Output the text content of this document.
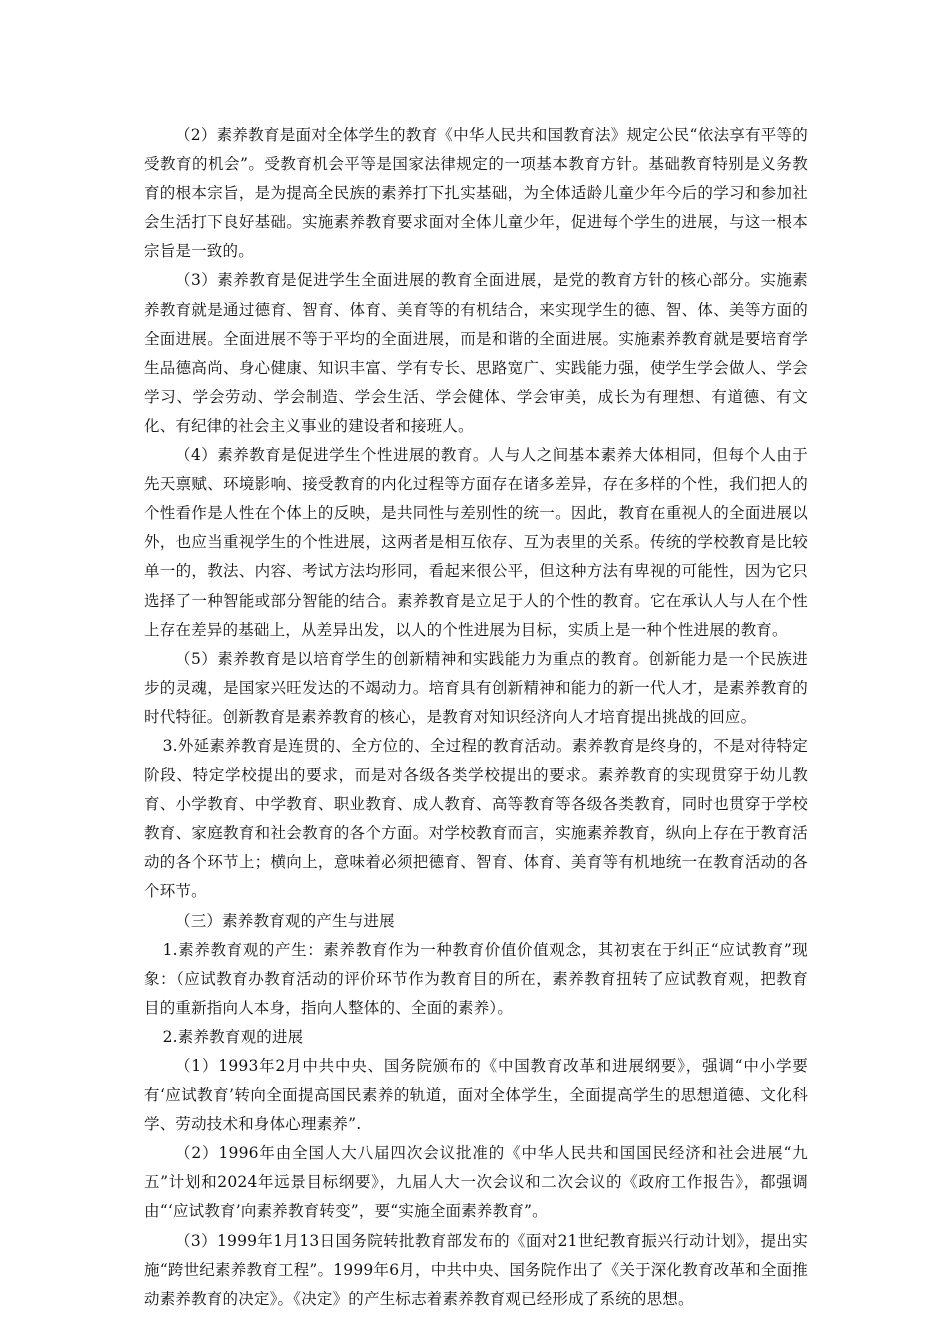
（2）素养教育是面对全体学生的教育《中华人民共和国教育法》规定公民“依法享有平等的受教育的机会”。受教育机会平等是国家法律规定的一项基本教育方针。基础教育特别是义务教育的根本宗旨，是为提高全民族的素养打下扎实基础，为全体适龄儿童少年今后的学习和参加社会生活打下良好基础。实施素养教育要求面对全体儿童少年，促进每个学生的进展，与这一根本宗旨是一致的。

（3）素养教育是促进学生全面进展的教育全面进展，是党的教育方针的核心部分。实施素养教育就是通过德育、智育、体育、美育等的有机结合，来实现学生的德、智、体、美等方面的全面进展。全面进展不等于平均的全面进展，而是和谐的全面进展。实施素养教育就是要培育学生品德高尚、身心健康、知识丰富、学有专长、思路宽广、实践能力强，使学生学会做人、学会学习、学会劳动、学会制造、学会生活、学会健体、学会审美，成长为有理想、有道德、有文化、有纪律的社会主义事业的建设者和接班人。

（4）素养教育是促进学生个性进展的教育。人与人之间基本素养大体相同，但每个人由于先天禀赋、环境影响、接受教育的内化过程等方面存在诸多差异，存在多样的个性，我们把人的个性看作是人性在个体上的反映，是共同性与差别性的统一。因此，教育在重视人的全面进展以外，也应当重视学生的个性进展，这两者是相互依存、互为表里的关系。传统的学校教育是比较单一的，教法、内容、考试方法均形同，看起来很公平，但这种方法有卑视的可能性，因为它只选择了一种智能或部分智能的结合。素养教育是立足于人的个性的教育。它在承认人与人在个性上存在差异的基础上，从差异出发，以人的个性进展为目标，实质上是一种个性进展的教育。

（5）素养教育是以培育学生的创新精神和实践能力为重点的教育。创新能力是一个民族进步的灵魂，是国家兴旺发达的不竭动力。培育具有创新精神和能力的新一代人才，是素养教育的时代特征。创新教育是素养教育的核心，是教育对知识经济向人才培育提出挑战的回应。

3.外延素养教育是连贯的、全方位的、全过程的教育活动。素养教育是终身的，不是对待特定阶段、特定学校提出的要求，而是对各级各类学校提出的要求。素养教育的实现贯穿于幼儿教育、小学教育、中学教育、职业教育、成人教育、高等教育等各级各类教育，同时也贯穿于学校教育、家庭教育和社会教育的各个方面。对学校教育而言，实施素养教育，纵向上存在于教育活动的各个环节上；横向上，意味着必须把德育、智育、体育、美育等有机地统一在教育活动的各个环节。

（三）素养教育观的产生与进展

1.素养教育观的产生：素养教育作为一种教育价值价值观念，其初衷在于纠正“应试教育”现象：（应试教育办教育活动的评价环节作为教育目的所在，素养教育扭转了应试教育观，把教育目的重新指向人本身，指向人整体的、全面的素养）。

2.素养教育观的进展

（1）1993年2月中共中央、国务院颁布的《中国教育改革和进展纲要》，强调“中小学要有‘应试教育’转向全面提高国民素养的轨道，面对全体学生，全面提高学生的思想道德、文化科学、劳动技术和身体心理素养”.

（2）1996年由全国人大八届四次会议批准的《中华人民共和国国民经济和社会进展“九五”计划和2024年远景目标纲要》，九届人大一次会议和二次会议的《政府工作报告》，都强调由“‘应试教育’向素养教育转变”，要“实施全面素养教育”。

（3）1999年1月13日国务院转批教育部发布的《面对21世纪教育振兴行动计划》，提出实施“跨世纪素养教育工程”。1999年6月，中共中央、国务院作出了《关于深化教育改革和全面推动素养教育的决定》。《决定》的产生标志着素养教育观已经形成了系统的思想。
